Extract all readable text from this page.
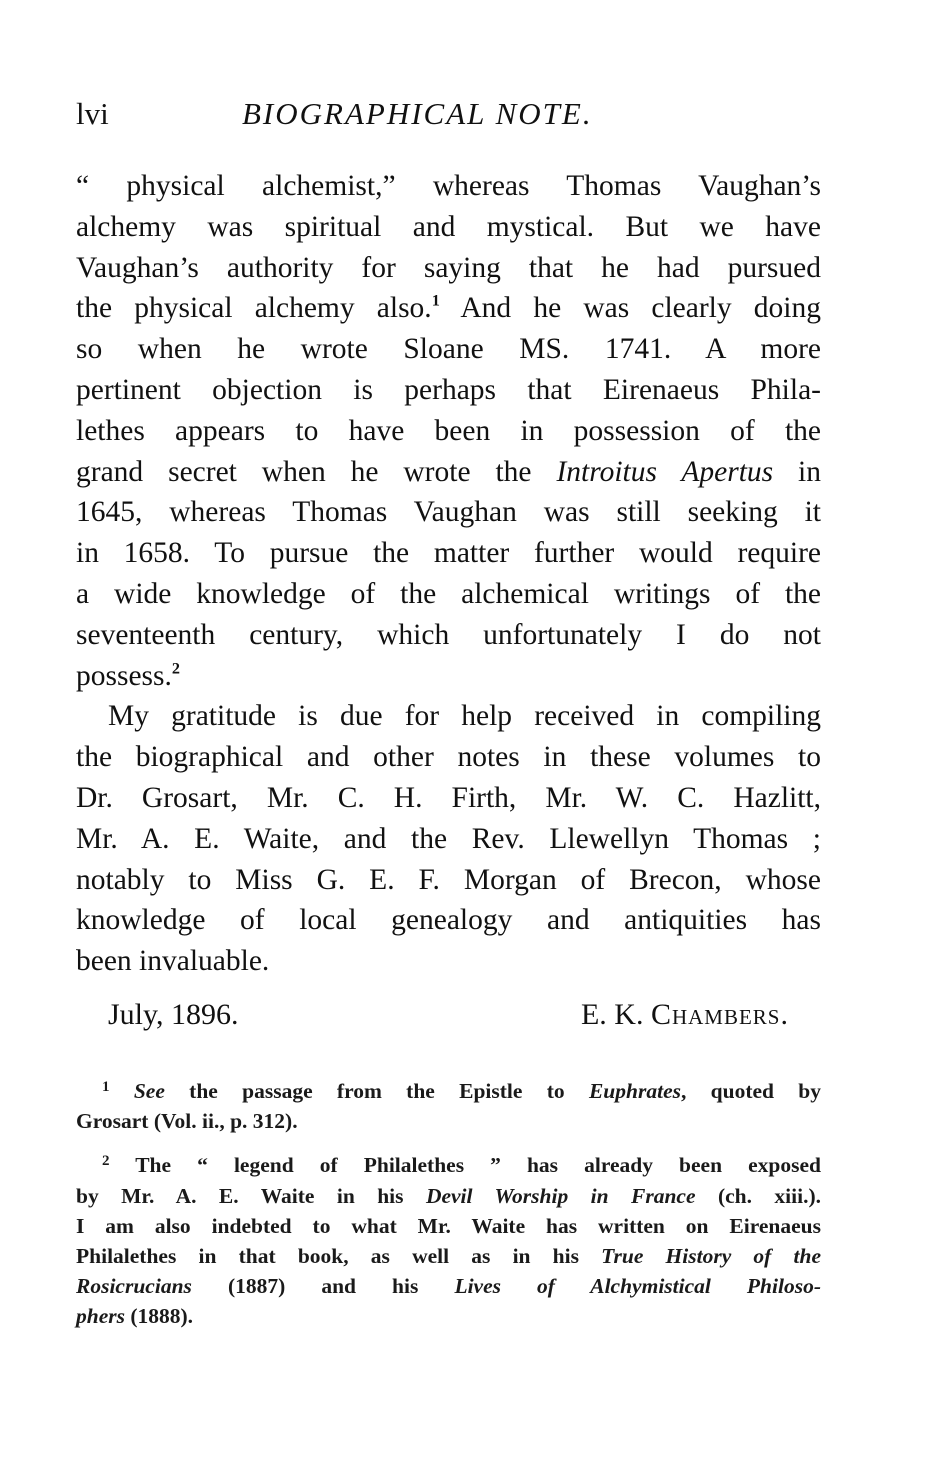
lvi	BIOGRAPHICAL NOTE.
“ physical alchemist,” whereas Thomas Vaughan’s
alchemy was spiritual and mystical. But we have
Vaughan’s authority for saying that he had pursued
the physical alchemy also.$^1$ And he was clearly doing
so when he wrote Sloane MS. 1741. A more
pertinent objection is perhaps that Eirenaeus Phila-
lethes appears to have been in possession of the
grand secret when he wrote the Introitus Apertus in
1645, whereas Thomas Vaughan was still seeking it
in 1658. To pursue the matter further would require
a wide knowledge of the alchemical writings of the
seventeenth century, which unfortunately I do not
possess.$^2$
My gratitude is due for help received in compiling
the biographical and other notes in these volumes to
Dr. Grosart, Mr. C. H. Firth, Mr. W. C. Hazlitt,
Mr. A. E. Waite, and the Rev. Llewellyn Thomas ;
notably to Miss G. E. F. Morgan of Brecon, whose
knowledge of local genealogy and antiquities has
been invaluable.
July, 1896.	E. K. Chambers.
$^1$ See the passage from the Epistle to Euphrates, quoted by
Grosart (Vol. ii., p. 312).
$^2$ The “ legend of Philalethes ” has already been exposed
by Mr. A. E. Waite in his Devil Worship in France (ch. xiii.).
I am also indebted to what Mr. Waite has written on Eirenaeus
Philalethes in that book, as well as in his True History of the
Rosicrucians (1887) and his Lives of Alchymistical Philoso-
phers (1888).
